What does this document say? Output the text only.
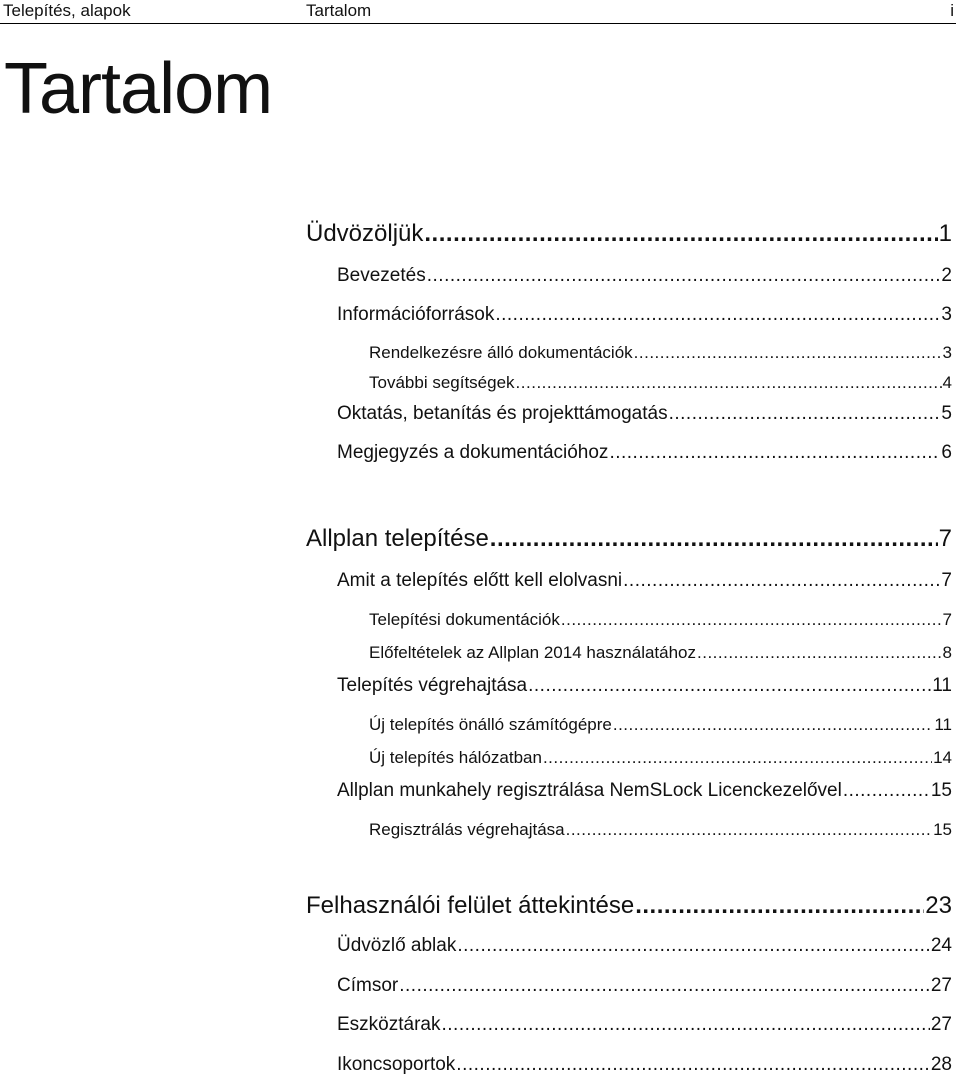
Telepítés, alapok	Tartalom	i
Tartalom
Üdvözöljük .....	1
Bevezetés .....	2
Információforrások .....	3
Rendelkezésre álló dokumentációk .....	3
További segítségek .....	4
Oktatás, betanítás és projekttámogatás .....	5
Megjegyzés a dokumentációhoz .....	6
Allplan telepítése .....	7
Amit a telepítés előtt kell elolvasni .....	7
Telepítési dokumentációk .....	7
Előfeltételek az Allplan 2014 használatához .....	8
Telepítés végrehajtása .....	11
Új telepítés önálló számítógépre .....	11
Új telepítés hálózatban .....	14
Allplan munkahely regisztrálása NemSLock Licenckezelővel .....	15
Regisztrálás végrehajtása .....	15
Felhasználói felület áttekintése .....	23
Üdvözlő ablak .....	24
Címsor .....	27
Eszköztárak .....	27
Ikoncsoportok .....	28
